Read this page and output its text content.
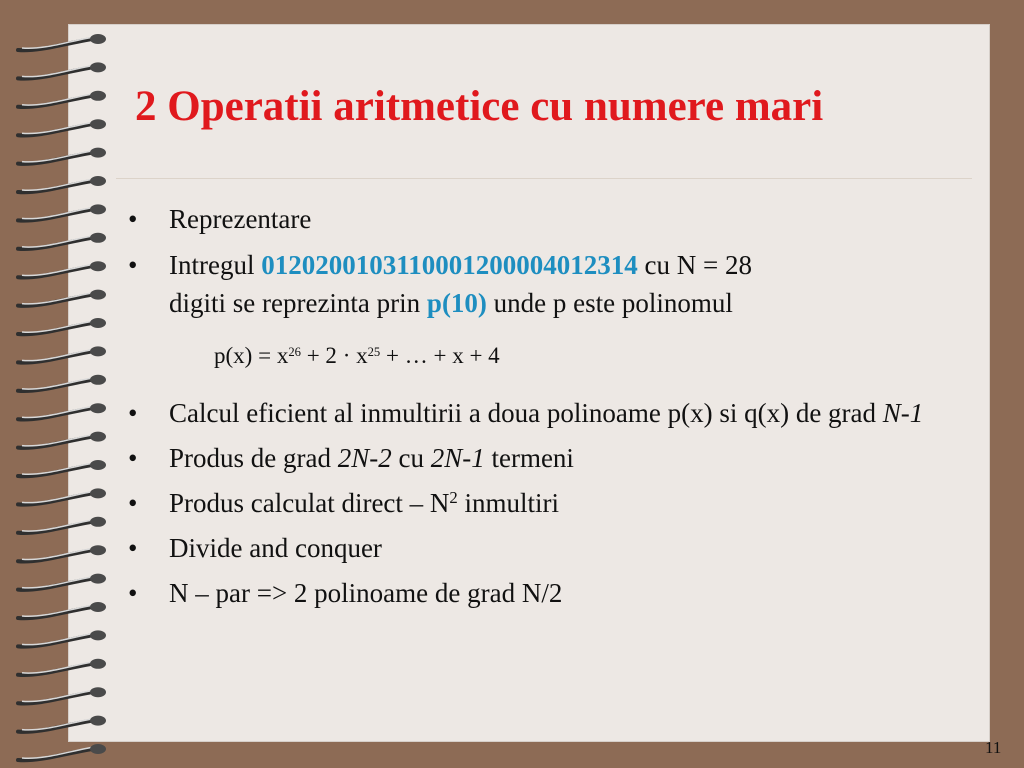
2 Operatii aritmetice cu numere mari
• Reprezentare
• Intregul 0120200103110001200004012314 cu N = 28
digiti se reprezinta prin p(10) unde p este polinomul
$p(x) = x^{26} + 2 \cdot x^{25}$ + … + x + 4
• Calcul eficient al inmultirii a doua polinoame p(x) si q(x) de grad N-1
• Produs de grad 2N-2 cu 2N-1 termeni
• Produs calculat direct – $N^2$ inmultiri
• Divide and conquer
• N – par => 2 polinoame de grad N/2
11
